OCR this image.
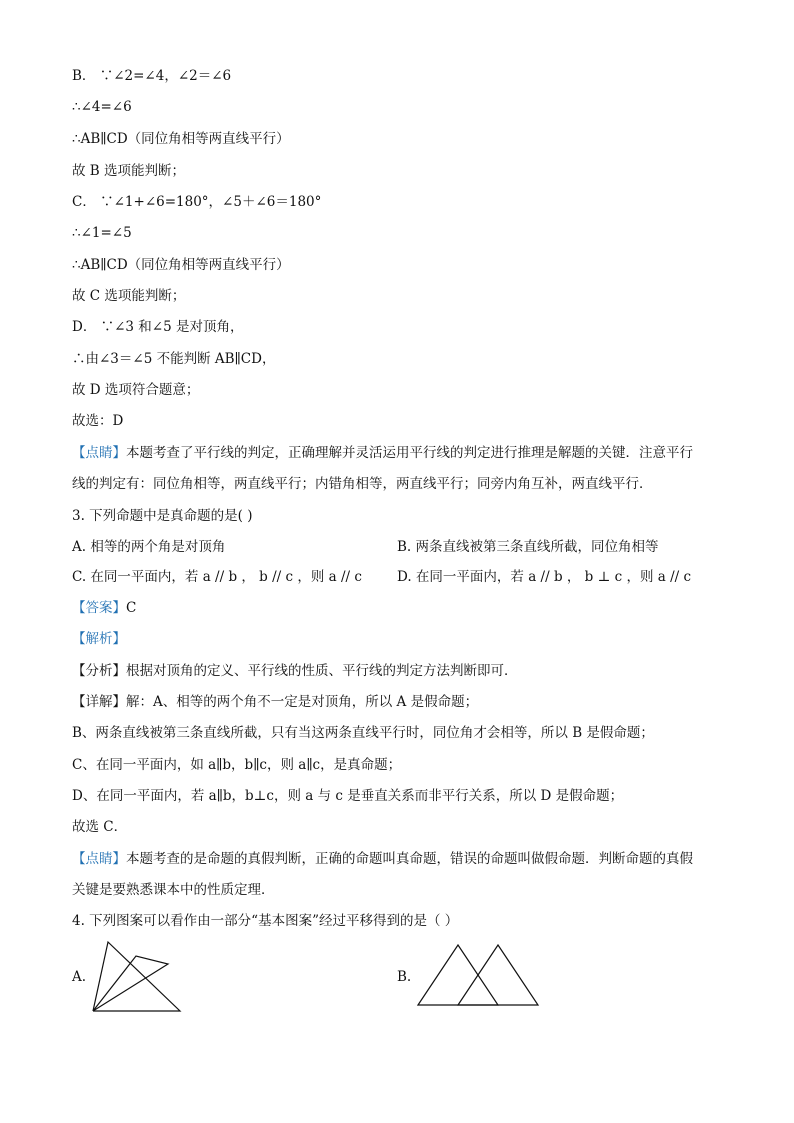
B． ∵∠2=∠4，∠2＝∠6
∴∠4=∠6
∴AB∥CD（同位角相等两直线平行）
故 B 选项能判断；
C． ∵∠1+∠6=180°，∠5＋∠6＝180°
∴∠1=∠5
∴AB∥CD（同位角相等两直线平行）
故 C 选项能判断；
D． ∵∠3 和∠5 是对顶角，
∴由∠3＝∠5 不能判断 AB∥CD，
故 D 选项符合题意；
故选：D
【点睛】本题考查了平行线的判定，正确理解并灵活运用平行线的判定进行推理是解题的关键．注意平行
线的判定有：同位角相等，两直线平行；内错角相等，两直线平行；同旁内角互补，两直线平行．
3. 下列命题中是真命题的是( )
A. 相等的两个角是对顶角	B. 两条直线被第三条直线所截，同位角相等
C. 在同一平面内，若 a // b ， b // c ，则 a // c	D. 在同一平面内，若 a // b ， b ⊥ c ，则 a // c
【答案】C
【解析】
【分析】根据对顶角的定义、平行线的性质、平行线的判定方法判断即可．
【详解】解：A、相等的两个角不一定是对顶角，所以 A 是假命题；
B、两条直线被第三条直线所截，只有当这两条直线平行时，同位角才会相等，所以 B 是假命题；
C、在同一平面内，如 a∥b，b∥c，则 a∥c，是真命题；
D、在同一平面内，若 a∥b，b⊥c，则 a 与 c 是垂直关系而非平行关系，所以 D 是假命题；
故选 C．
【点睛】本题考查的是命题的真假判断，正确的命题叫真命题，错误的命题叫做假命题．判断命题的真假
关键是要熟悉课本中的性质定理．
4. 下列图案可以看作由一部分“基本图案”经过平移得到的是（ ）
A.	B.
